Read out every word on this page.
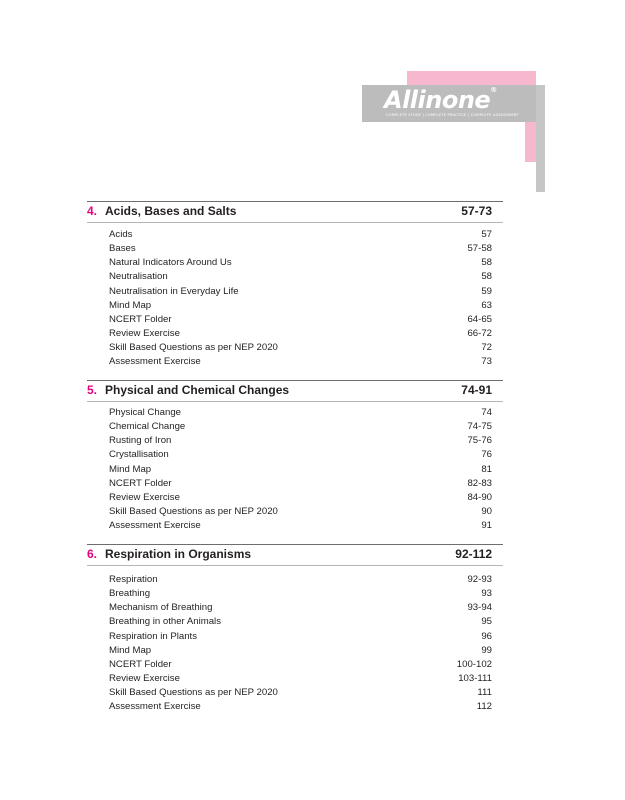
Allinone®
COMPLETE STUDY | COMPLETE PRACTICE | COMPLETE ASSESSMENT
4. Acids, Bases and Salts	57-73
Acids	57
Bases	57-58
Natural Indicators Around Us	58
Neutralisation	58
Neutralisation in Everyday Life	59
Mind Map	63
NCERT Folder	64-65
Review Exercise	66-72
Skill Based Questions as per NEP 2020	72
Assessment Exercise	73
5. Physical and Chemical Changes	74-91
Physical Change	74
Chemical Change	74-75
Rusting of Iron	75-76
Crystallisation	76
Mind Map	81
NCERT Folder	82-83
Review Exercise	84-90
Skill Based Questions as per NEP 2020	90
Assessment Exercise	91
6. Respiration in Organisms	92-112
Respiration	92-93
Breathing	93
Mechanism of Breathing	93-94
Breathing in other Animals	95
Respiration in Plants	96
Mind Map	99
NCERT Folder	100-102
Review Exercise	103-111
Skill Based Questions as per NEP 2020	111
Assessment Exercise	112
